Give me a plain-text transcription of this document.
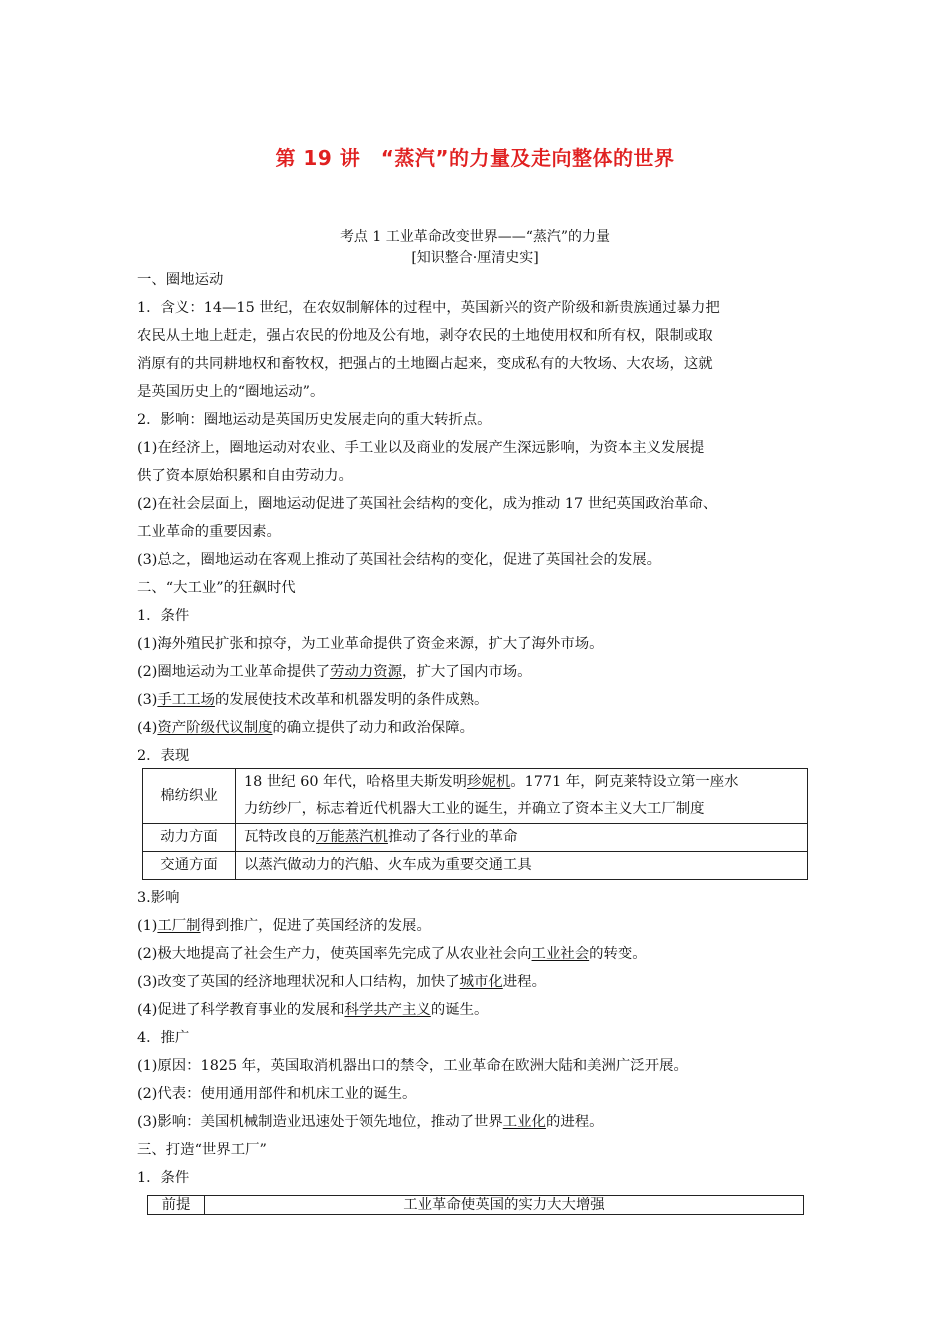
第 19 讲　“蒸汽”的力量及走向整体的世界
考点 1 工业革命改变世界——“蒸汽”的力量
[知识整合·厘清史实]
一、圈地运动
1．含义：14—15 世纪，在农奴制解体的过程中，英国新兴的资产阶级和新贵族通过暴力把
农民从土地上赶走，强占农民的份地及公有地，剥夺农民的土地使用权和所有权，限制或取
消原有的共同耕地权和畜牧权，把强占的土地圈占起来，变成私有的大牧场、大农场，这就
是英国历史上的“圈地运动”。
2．影响：圈地运动是英国历史发展走向的重大转折点。
(1)在经济上，圈地运动对农业、手工业以及商业的发展产生深远影响，为资本主义发展提
供了资本原始积累和自由劳动力。
(2)在社会层面上，圈地运动促进了英国社会结构的变化，成为推动 17 世纪英国政治革命、
工业革命的重要因素。
(3)总之，圈地运动在客观上推动了英国社会结构的变化，促进了英国社会的发展。
二、“大工业”的狂飙时代
1．条件
(1)海外殖民扩张和掠夺，为工业革命提供了资金来源，扩大了海外市场。
(2)圈地运动为工业革命提供了劳动力资源，扩大了国内市场。
(3)手工工场的发展使技术改革和机器发明的条件成熟。
(4)资产阶级代议制度的确立提供了动力和政治保障。
2．表现
棉纺织业	18 世纪 60 年代，哈格里夫斯发明珍妮机。1771 年，阿克莱特设立第一座水
力纺纱厂，标志着近代机器大工业的诞生，并确立了资本主义大工厂制度

动力方面	瓦特改良的万能蒸汽机推动了各行业的革命
交通方面	以蒸汽做动力的汽船、火车成为重要交通工具
3.影响
(1)工厂制得到推广，促进了英国经济的发展。
(2)极大地提高了社会生产力，使英国率先完成了从农业社会向工业社会的转变。
(3)改变了英国的经济地理状况和人口结构，加快了城市化进程。
(4)促进了科学教育事业的发展和科学共产主义的诞生。
4．推广
(1)原因：1825 年，英国取消机器出口的禁令，工业革命在欧洲大陆和美洲广泛开展。
(2)代表：使用通用部件和机床工业的诞生。
(3)影响：美国机械制造业迅速处于领先地位，推动了世界工业化的进程。
三、打造“世界工厂”
1．条件
前提	工业革命使英国的实力大大增强
